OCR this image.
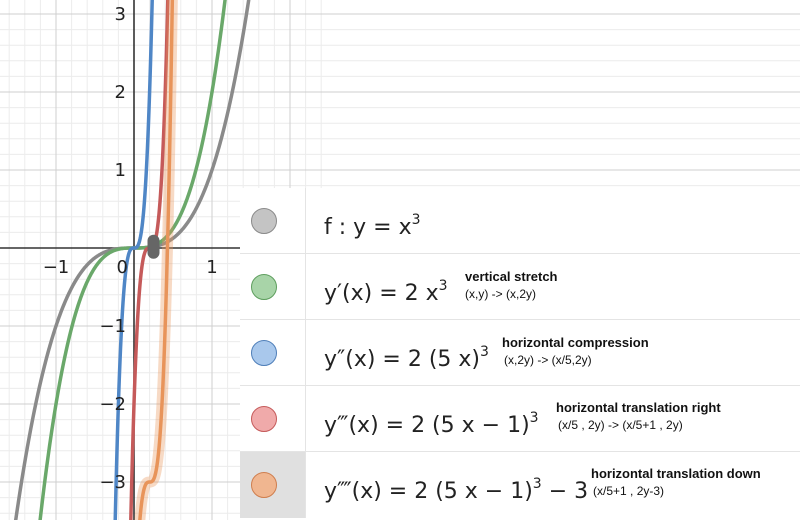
−1	0	1
3
2
1
−1
−2
−3
f : $y = x^3$
y′(x) = 2 $x^3$
vertical stretch
(x,y) -> (x,2y)
y″(x) = 2 (5 x)$^3$
horizontal compression
(x,2y) -> (x/5,2y)
y‴(x) = 2 (5 x − 1)$^3$
horizontal translation right
(x/5 , 2y) -> (x/5+1 , 2y)
y⁗(x) = 2 (5 x − 1)$^3$ − 3
horizontal translation down
(x/5+1 , 2y-3)
